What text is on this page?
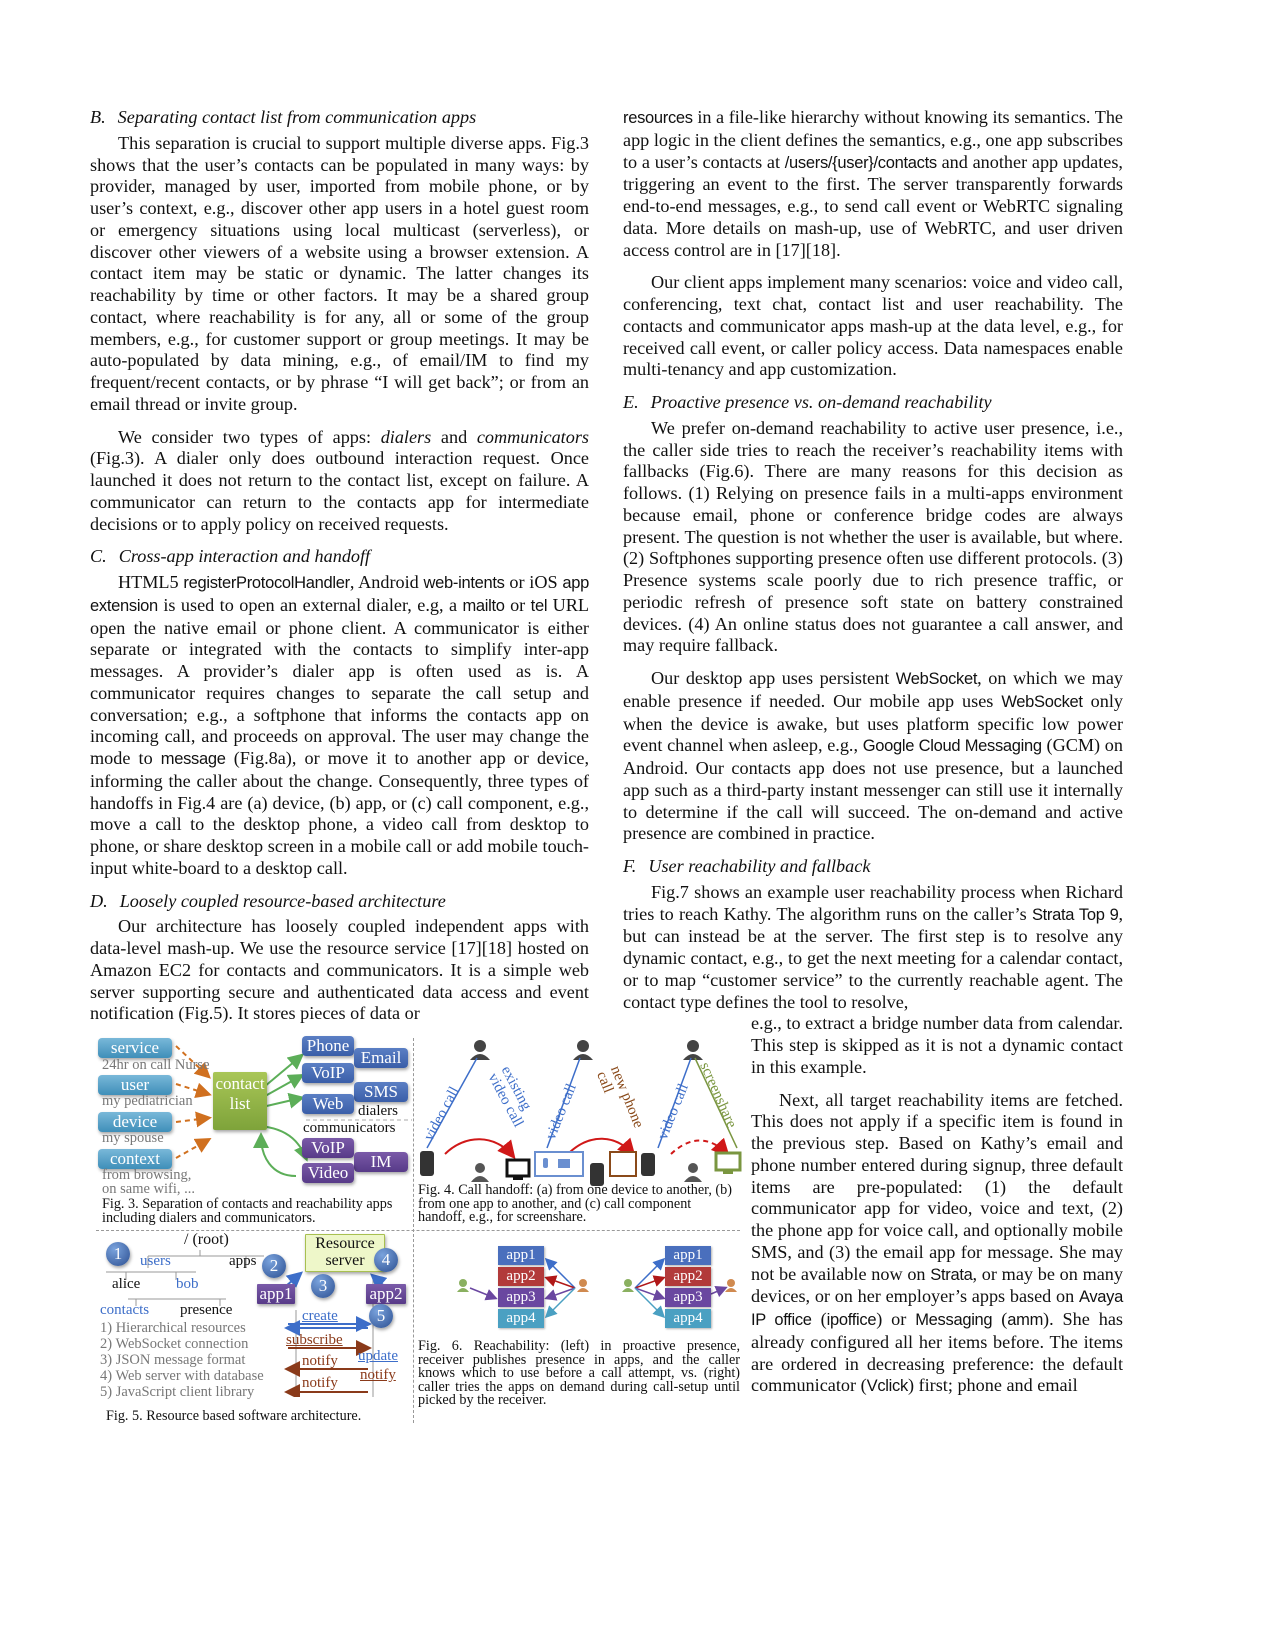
B. Separating contact list from communication apps

This separation is crucial to support multiple diverse apps. Fig.3 shows that the user’s contacts can be populated in many ways: by provider, managed by user, imported from mobile phone, or by user’s context, e.g., discover other app users in a hotel guest room or emergency situations using local multicast (serverless), or discover other viewers of a website using a browser extension. A contact item may be static or dynamic. The latter changes its reachability by time or other factors. It may be a shared group contact, where reachability is for any, all or some of the group members, e.g., for customer support or group meetings. It may be auto-populated by data mining, e.g., of email/IM to find my frequent/recent contacts, or by phrase “I will get back”; or from an email thread or invite group.

We consider two types of apps: dialers and communicators (Fig.3). A dialer only does outbound interaction request. Once launched it does not return to the contact list, except on failure. A communicator can return to the contacts app for intermediate decisions or to apply policy on received requests.

C. Cross-app interaction and handoff

HTML5 registerProtocolHandler, Android web-intents or iOS app extension is used to open an external dialer, e.g, a mailto or tel URL open the native email or phone client. A communicator is either separate or integrated with the contacts to simplify inter-app messages. A provider’s dialer app is often used as is. A communicator requires changes to separate the call setup and conversation; e.g., a softphone that informs the contacts app on incoming call, and proceeds on approval. The user may change the mode to message (Fig.8a), or move it to another app or device, informing the caller about the change. Consequently, three types of handoffs in Fig.4 are (a) device, (b) app, or (c) call component, e.g., move a call to the desktop phone, a video call from desktop to phone, or share desktop screen in a mobile call or add mobile touch-input white-board to a desktop call.

D. Loosely coupled resource-based architecture

Our architecture has loosely coupled independent apps with data-level mash-up. We use the resource service [17][18] hosted on Amazon EC2 for contacts and communicators. It is a simple web server supporting secure and authenticated data access and event notification (Fig.5). It stores pieces of data or

resources in a file-like hierarchy without knowing its semantics. The app logic in the client defines the semantics, e.g., one app subscribes to a user’s contacts at /users/{user}/contacts and another app updates, triggering an event to the first. The server transparently forwards end-to-end messages, e.g., to send call event or WebRTC signaling data. More details on mash-up, use of WebRTC, and user driven access control are in [17][18].

Our client apps implement many scenarios: voice and video call, conferencing, text chat, contact list and user reachability. The contacts and communicator apps mash-up at the data level, e.g., for received call event, or caller policy access. Data namespaces enable multi-tenancy and app customization.

E. Proactive presence vs. on-demand reachability

We prefer on-demand reachability to active user presence, i.e., the caller side tries to reach the receiver’s reachability items with fallbacks (Fig.6). There are many reasons for this decision as follows. (1) Relying on presence fails in a multi-apps environment because email, phone or conference bridge codes are always present. The question is not whether the user is available, but where. (2) Softphones supporting presence often use different protocols. (3) Presence systems scale poorly due to rich presence traffic, or periodic refresh of presence soft state on battery constrained devices. (4) An online status does not guarantee a call answer, and may require fallback.

Our desktop app uses persistent WebSocket, on which we may enable presence if needed. Our mobile app uses WebSocket only when the device is awake, but uses platform specific low power event channel when asleep, e.g., Google Cloud Messaging (GCM) on Android. Our contacts app does not use presence, but a launched app such as a third-party instant messenger can still use it internally to determine if the call will succeed. The on-demand and active presence are combined in practice.

F. User reachability and fallback

Fig.7 shows an example user reachability process when Richard tries to reach Kathy. The algorithm runs on the caller’s Strata Top 9, but can instead be at the server. The first step is to resolve any dynamic contact, e.g., to get the next meeting for a calendar contact, or to map “customer service” to the currently reachable agent. The contact type defines the tool to resolve,

e.g., to extract a bridge number data from calendar. This step is skipped as it is not a dynamic contact in this example.

Next, all target reachability items are fetched. This does not apply if a specific item is found in the previous step. Based on Kathy’s email and phone number entered during signup, three default items are pre-populated: (1) the default communicator app for video, voice and text, (2) the phone app for voice call, and optionally mobile SMS, and (3) the email app for message. She may not be available now on Strata, or may be on many devices, or on her employer’s apps based on Avaya IP office (ipoffice) or Messaging (amm). She has already configured all her items before. The items are ordered in decreasing preference: the default communicator (Vclick) first; phone and email

service
24hr on call Nurse
user
my pediatrician
device
my spouse
context
from browsing,
on same wifi, ...
contact
list
Phone
Email
VoIP
SMS
Web dialers
communicators
VoIP
IM
Video
Fig. 3. Separation of contacts and reachability apps including dialers and communicators.
video call	existing video call	video call	new phone call	video call screenshare
Fig. 4. Call handoff: (a) from one device to another, (b) from one app to another, and (c) call component handoff, e.g., for screenshare.
/ (root)
users	apps
alice bob
contacts presence
1) Hierarchical resources
2) WebSocket connection
3) JSON message format
4) Web server with database
5) JavaScript client library
Resource
server
app1	app2
1
2
3
4
5
create
subscribe
notify
notify
update
notify
Fig. 5. Resource based software architecture.
app1
app2
app3
app4
app1
app2
app3
app4
Fig. 6. Reachability: (left) in proactive presence, receiver publishes presence in apps, and the caller knows which to use before a call attempt, vs. (right) caller tries the apps on demand during call-setup until picked by the receiver.
